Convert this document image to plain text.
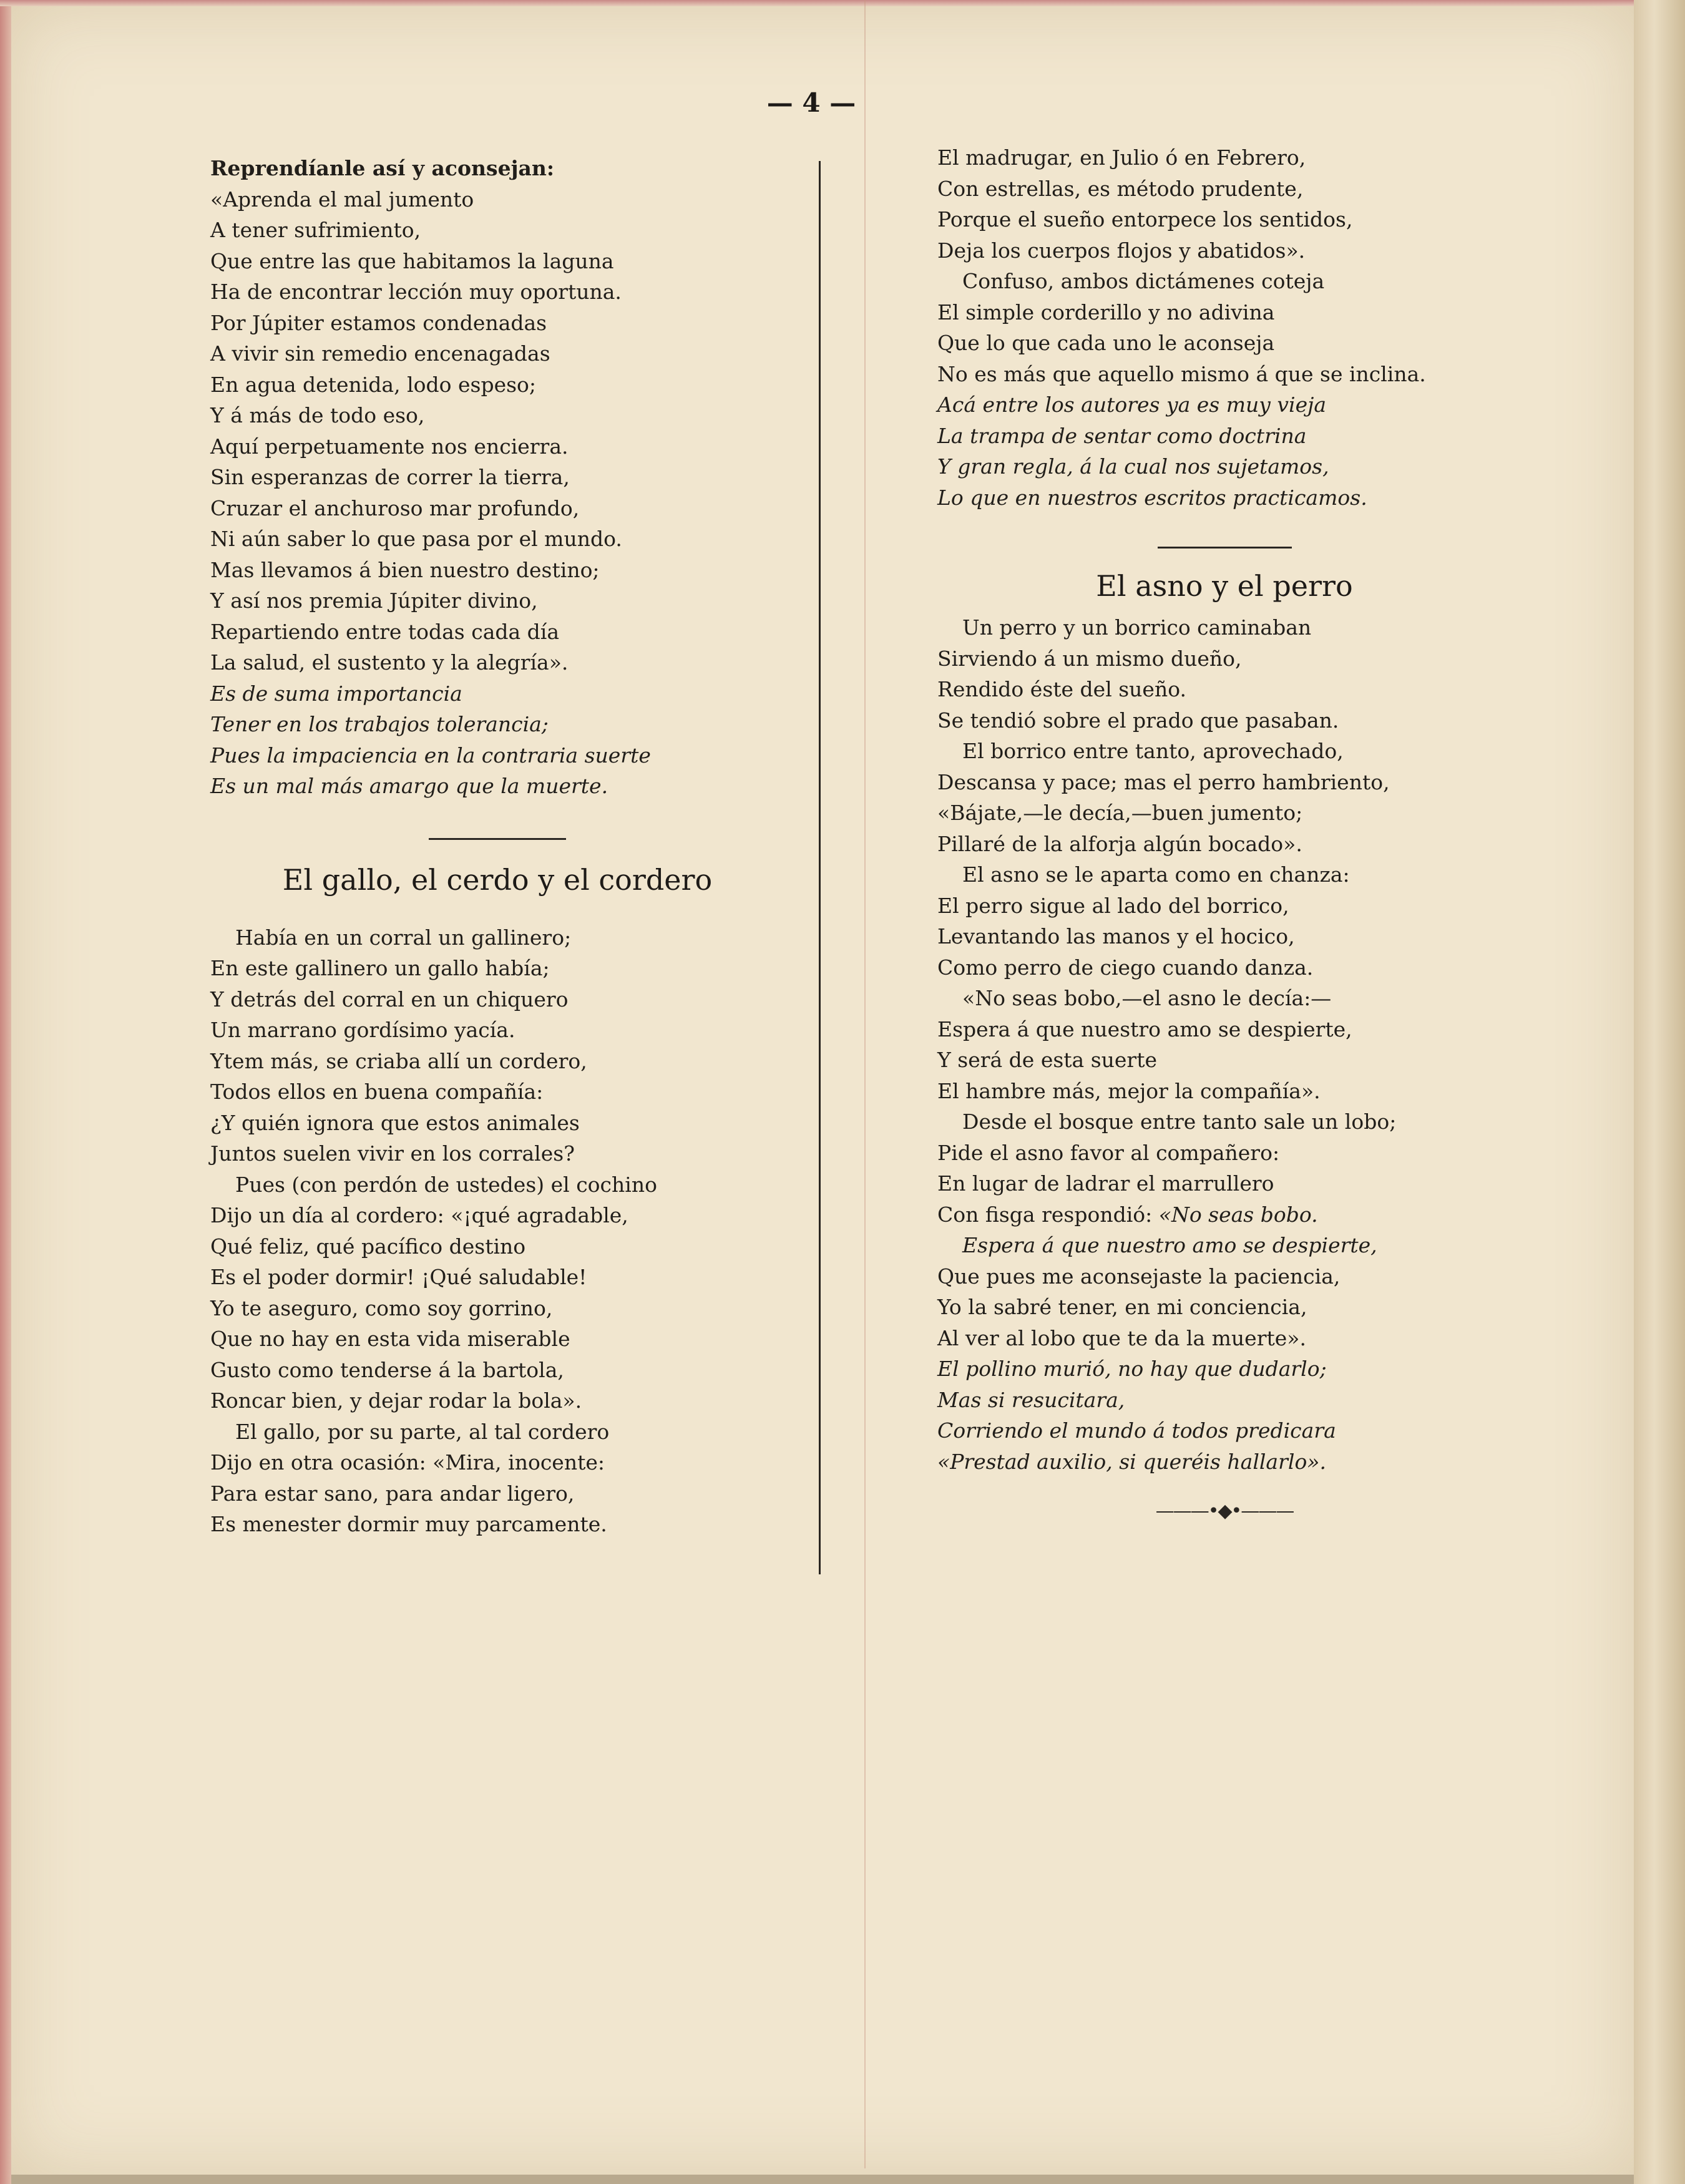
— 4 —
Reprendíanle así y aconsejan:
«Aprenda el mal jumento
A tener sufrimiento,
Que entre las que habitamos la laguna
Ha de encontrar lección muy oportuna.
Por Júpiter estamos condenadas
A vivir sin remedio encenagadas
En agua detenida, lodo espeso;
Y á más de todo eso,
Aquí perpetuamente nos encierra.
Sin esperanzas de correr la tierra,
Cruzar el anchuroso mar profundo,
Ni aún saber lo que pasa por el mundo.
Mas llevamos á bien nuestro destino;
Y así nos premia Júpiter divino,
Repartiendo entre todas cada día
La salud, el sustento y la alegría».
Es de suma importancia
Tener en los trabajos tolerancia;
Pues la impaciencia en la contraria suerte
Es un mal más amargo que la muerte.
El gallo, el cerdo y el cordero
Había en un corral un gallinero;
En este gallinero un gallo había;
Y detrás del corral en un chiquero
Un marrano gordísimo yacía.
Ytem más, se criaba allí un cordero,
Todos ellos en buena compañía:
¿Y quién ignora que estos animales
Juntos suelen vivir en los corrales?
Pues (con perdón de ustedes) el cochino
Dijo un día al cordero: «¡qué agradable,
Qué feliz, qué pacífico destino
Es el poder dormir! ¡Qué saludable!
Yo te aseguro, como soy gorrino,
Que no hay en esta vida miserable
Gusto como tenderse á la bartola,
Roncar bien, y dejar rodar la bola».
El gallo, por su parte, al tal cordero
Dijo en otra ocasión: «Mira, inocente:
Para estar sano, para andar ligero,
Es menester dormir muy parcamente.
El madrugar, en Julio ó en Febrero,
Con estrellas, es método prudente,
Porque el sueño entorpece los sentidos,
Deja los cuerpos flojos y abatidos».
Confuso, ambos dictámenes coteja
El simple corderillo y no adivina
Que lo que cada uno le aconseja
No es más que aquello mismo á que se inclina.
Acá entre los autores ya es muy vieja
La trampa de sentar como doctrina
Y gran regla, á la cual nos sujetamos,
Lo que en nuestros escritos practicamos.
El asno y el perro
Un perro y un borrico caminaban
Sirviendo á un mismo dueño,
Rendido éste del sueño.
Se tendió sobre el prado que pasaban.
El borrico entre tanto, aprovechado,
Descansa y pace; mas el perro hambriento,
«Bájate,—le decía,—buen jumento;
Pillaré de la alforja algún bocado».
El asno se le aparta como en chanza:
El perro sigue al lado del borrico,
Levantando las manos y el hocico,
Como perro de ciego cuando danza.
«No seas bobo,—el asno le decía:—
Espera á que nuestro amo se despierte,
Y será de esta suerte
El hambre más, mejor la compañía».
Desde el bosque entre tanto sale un lobo;
Pide el asno favor al compañero:
En lugar de ladrar el marrullero
Con fisga respondió: «No seas bobo.
Espera á que nuestro amo se despierte,
Que pues me aconsejaste la paciencia,
Yo la sabré tener, en mi conciencia,
Al ver al lobo que te da la muerte».
El pollino murió, no hay que dudarlo;
Mas si resucitara,
Corriendo el mundo á todos predicara
«Prestad auxilio, si queréis hallarlo».
———•◆•———
